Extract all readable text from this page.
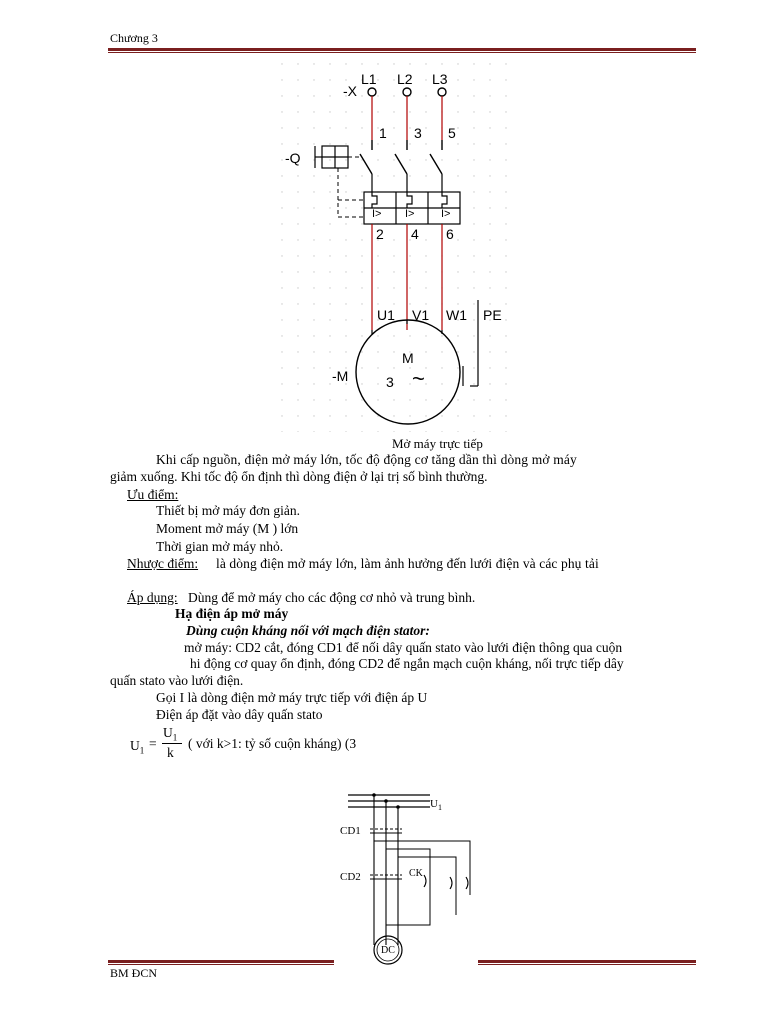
Chương 3
-X
L1 L2 L3
1 3 5
-Q
I> I> I>
2 4 6
U1 V1 W1 PE
-M
M
3 ~
Mở máy trực tiếp
Khi cấp nguồn, điện mở máy lớn, tốc độ động cơ tăng dần thì dòng mở máy
giảm xuống. Khi tốc độ ổn định thì dòng điện ở lại trị số bình thường.
Ưu điểm:
Thiết bị mở máy đơn giản.
Moment mở máy (M ) lớn
Thời gian mở máy nhỏ.
Nhược điểm: là dòng điện mở máy lớn, làm ảnh hưởng đến lưới điện và các phụ tải
Áp dụng: Dùng để mở máy cho các động cơ nhỏ và trung bình.
Hạ điện áp mở máy
Dùng cuộn kháng nối với mạch điện stator:
mở máy: CD2 cắt, đóng CD1 để nối dây quấn stato vào lưới điện thông qua cuộn
hi động cơ quay ổn định, đóng CD2 để ngắn mạch cuộn kháng, nối trực tiếp dây
quấn stato vào lưới điện.
Gọi I là dòng điện mở máy trực tiếp với điện áp U
Điện áp đặt vào dây quấn stato
$U_1$ =
$U_1$
k
( với k>1: tỷ số cuộn kháng) (3
$U_1$
CD1
CD2	CK
DC
BM ĐCN
